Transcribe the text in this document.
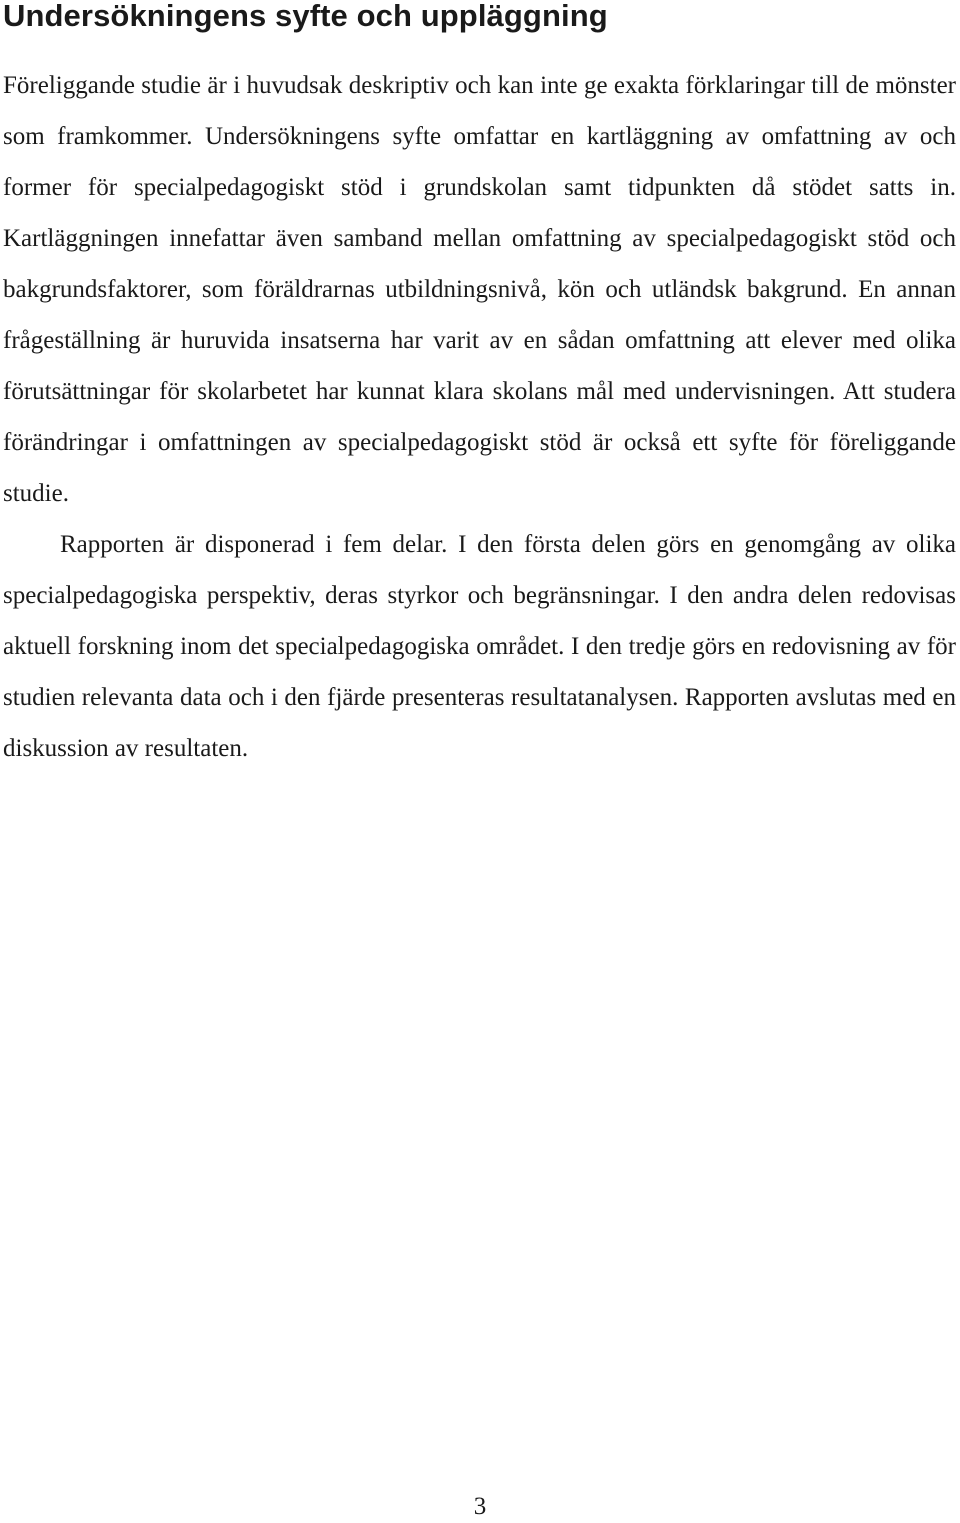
Undersökningens syfte och uppläggning

Föreliggande studie är i huvudsak deskriptiv och kan inte ge exakta förklaringar till de mönster som framkommer. Undersökningens syfte omfattar en kartläggning av omfattning av och former för specialpedagogiskt stöd i grundskolan samt tidpunkten då stödet satts in. Kartläggningen innefattar även samband mellan omfattning av specialpedagogiskt stöd och bakgrundsfaktorer, som föräldrarnas utbildningsnivå, kön och utländsk bakgrund. En annan frågeställning är huruvida insatserna har varit av en sådan omfattning att elever med olika förutsättningar för skolarbetet har kunnat klara skolans mål med undervisningen. Att studera förändringar i omfattningen av specialpedagogiskt stöd är också ett syfte för föreliggande studie.

Rapporten är disponerad i fem delar. I den första delen görs en genomgång av olika specialpedagogiska perspektiv, deras styrkor och begränsningar. I den andra delen redovisas aktuell forskning inom det specialpedagogiska området. I den tredje görs en redovisning av för studien relevanta data och i den fjärde presenteras resultatanalysen. Rapporten avslutas med en diskussion av resultaten.

3
